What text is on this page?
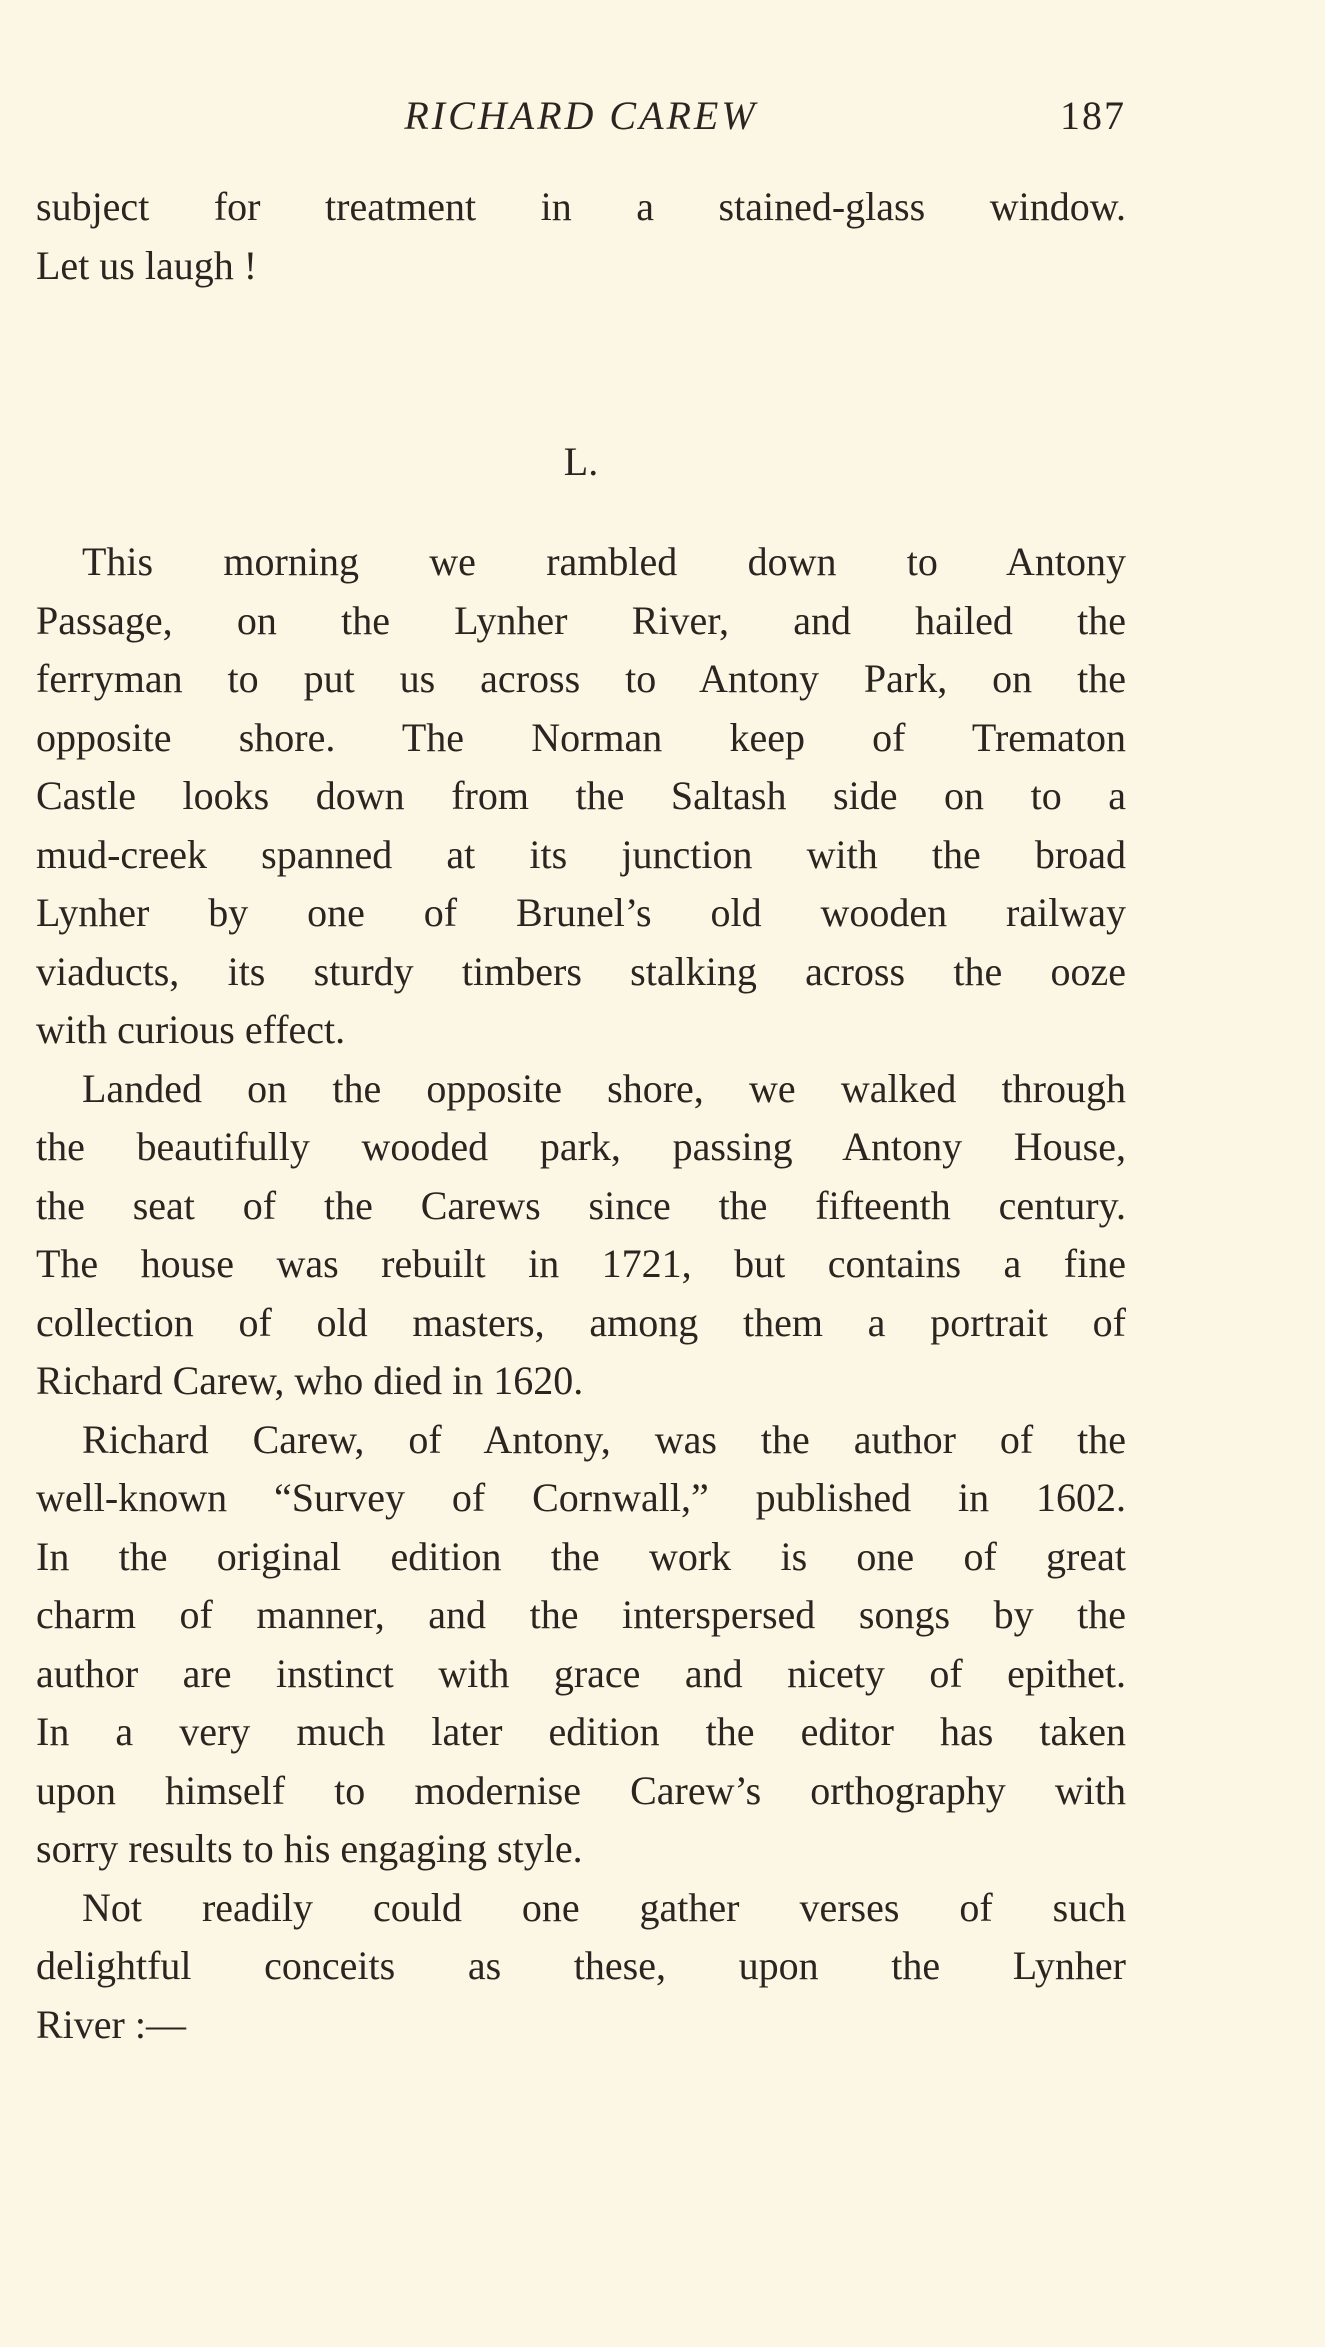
RICHARD CAREW	187
subject for treatment in a stained-glass window.
Let us laugh !
L.
This morning we rambled down to Antony
Passage, on the Lynher River, and hailed the
ferryman to put us across to Antony Park, on the
opposite shore. The Norman keep of Trematon
Castle looks down from the Saltash side on to a
mud-creek spanned at its junction with the broad
Lynher by one of Brunel’s old wooden railway
viaducts, its sturdy timbers stalking across the ooze
with curious effect.
Landed on the opposite shore, we walked through
the beautifully wooded park, passing Antony House,
the seat of the Carews since the fifteenth century.
The house was rebuilt in 1721, but contains a fine
collection of old masters, among them a portrait of
Richard Carew, who died in 1620.
Richard Carew, of Antony, was the author of the
well-known “Survey of Cornwall,” published in 1602.
In the original edition the work is one of great
charm of manner, and the interspersed songs by the
author are instinct with grace and nicety of epithet.
In a very much later edition the editor has taken
upon himself to modernise Carew’s orthography with
sorry results to his engaging style.
Not readily could one gather verses of such
delightful conceits as these, upon the Lynher
River :—
